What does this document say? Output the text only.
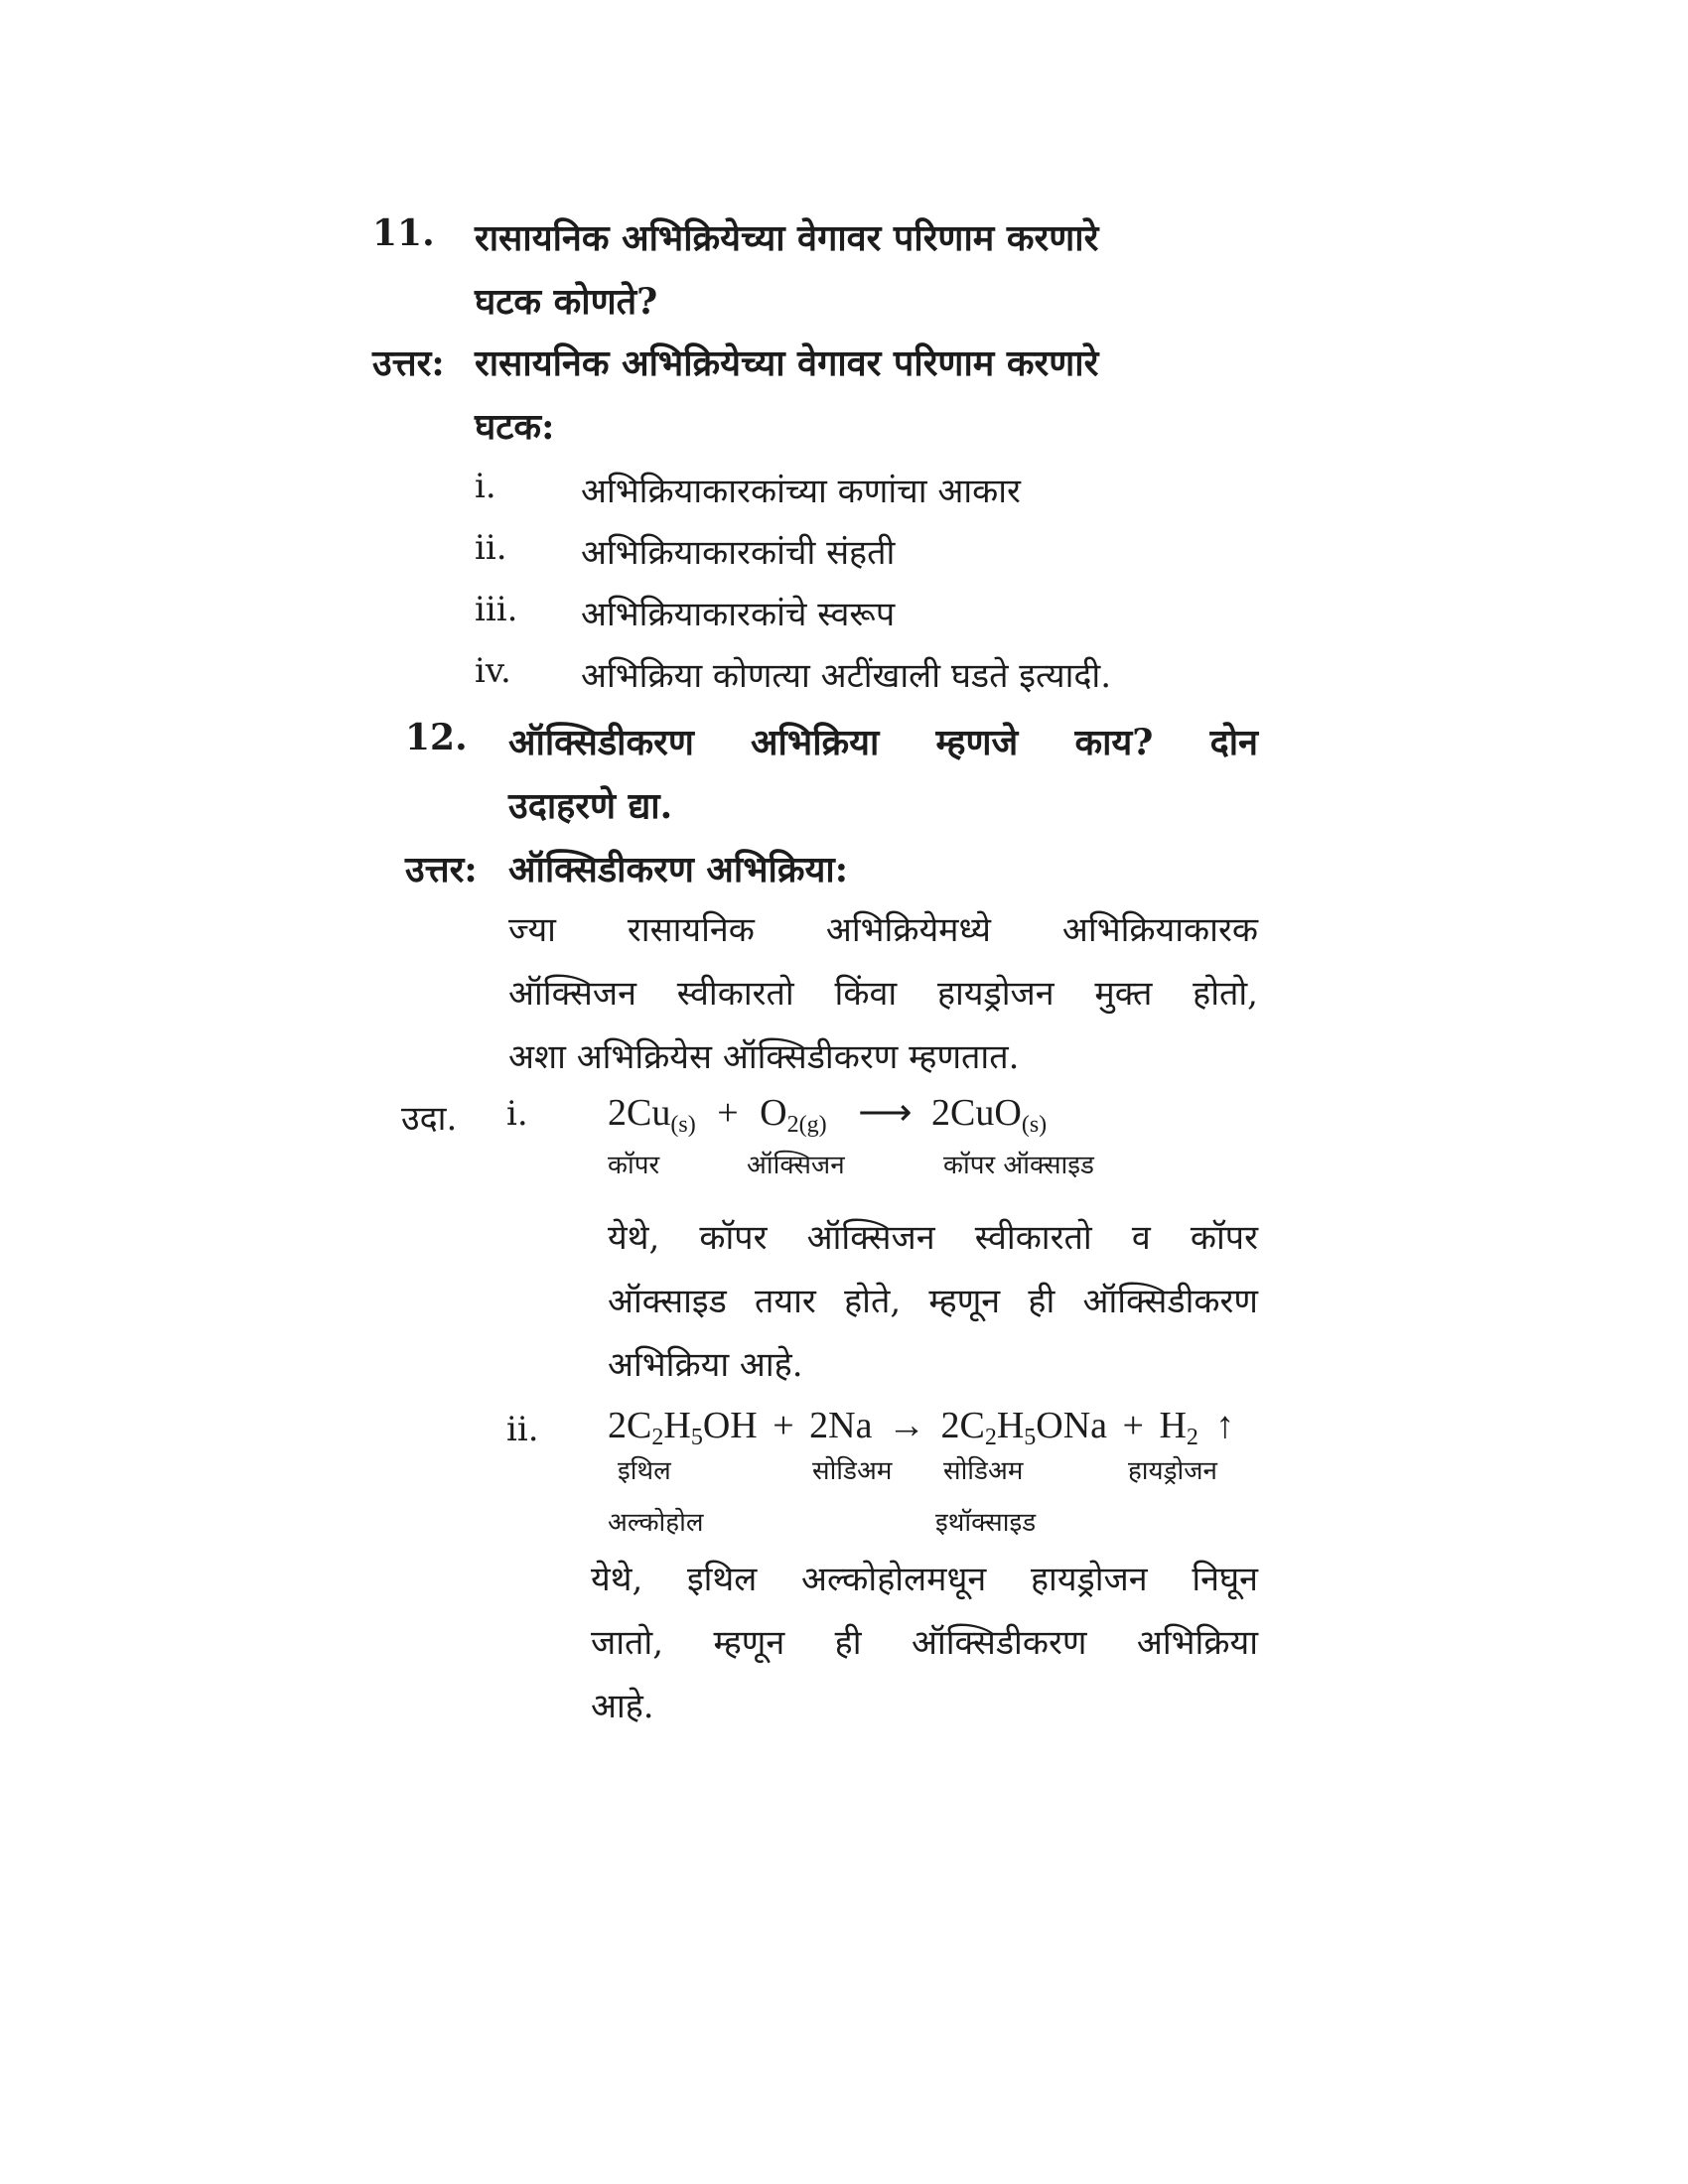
11. रासायनिक अभिक्रियेच्या वेगावर परिणाम करणारे
घटक कोणते?
उत्तर: रासायनिक अभिक्रियेच्या वेगावर परिणाम करणारे
घटक:
i.	अभिक्रियाकारकांच्या कणांचा आकार
ii. अभिक्रियाकारकांची संहती
iii. अभिक्रियाकारकांचे स्वरूप
iv. अभिक्रिया कोणत्या अटींखाली घडते इत्यादी.
12. ऑक्सिडीकरण अभिक्रिया म्हणजे काय? दोन
उदाहरणे द्या.
उत्तर: ऑक्सिडीकरण अभिक्रिया:
ज्या रासायनिक अभिक्रियेमध्ये अभिक्रियाकारक
ऑक्सिजन स्वीकारतो किंवा हायड्रोजन मुक्त होतो,
अशा अभिक्रियेस ऑक्सिडीकरण म्हणतात.
उदा. i. $2Cu_{(s)} + O_{2(g)}$ ⟶ 2CuO$_{(s)}$
कॉपर	ऑक्सिजन	कॉपर ऑक्साइड
येथे, कॉपर ऑक्सिजन स्वीकारतो व कॉपर
ऑक्साइड तयार होते, म्हणून ही ऑक्सिडीकरण
अभिक्रिया आहे.
ii. $2C_2H_5OH + 2Na \to 2C_2H_5ONa + H_2$ ↑
इथिल	सोडिअम सोडिअम	हायड्रोजन
अल्कोहोल	इथॉक्साइड
येथे, इथिल अल्कोहोलमधून हायड्रोजन निघून
जातो, म्हणून ही ऑक्सिडीकरण अभिक्रिया
आहे.
